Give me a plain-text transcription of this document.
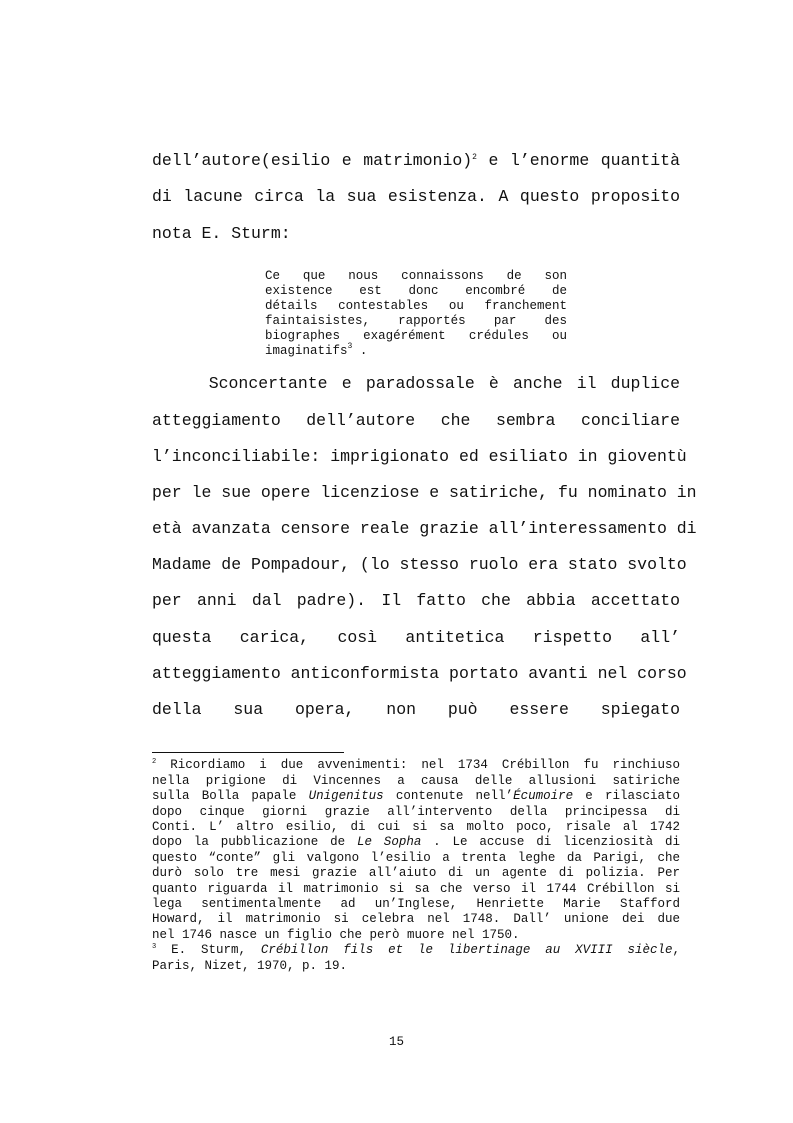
dell’autore(esilio e matrimonio)$^2$ e l’enorme quantità
di lacune circa la sua esistenza. A questo proposito
nota E. Sturm:
Ce que nous connaissons de son
existence est donc encombré de
détails contestables ou franchement
faintaisistes, rapportés par des
biographes exagérément crédules ou
imaginatifs$^3$ .
Sconcertante e paradossale è anche il duplice
atteggiamento dell’autore che sembra conciliare
l’inconciliabile: imprigionato ed esiliato in gioventù
per le sue opere licenziose e satiriche, fu nominato in
età avanzata censore reale grazie all’interessamento di
Madame de Pompadour, (lo stesso ruolo era stato svolto
per anni dal padre). Il fatto che abbia accettato
questa carica, così antitetica rispetto all’
atteggiamento anticonformista portato avanti nel corso
della sua opera, non può essere spiegato
$^2$ Ricordiamo i due avvenimenti: nel 1734 Crébillon fu rinchiuso
nella prigione di Vincennes a causa delle allusioni satiriche
sulla Bolla papale Unigenitus contenute nell’Écumoire e rilasciato
dopo cinque giorni grazie all’intervento della principessa di
Conti. L’ altro esilio, di cui si sa molto poco, risale al 1742
dopo la pubblicazione de Le Sopha . Le accuse di licenziosità di
questo “conte” gli valgono l’esilio a trenta leghe da Parigi, che
durò solo tre mesi grazie all’aiuto di un agente di polizia. Per
quanto riguarda il matrimonio si sa che verso il 1744 Crébillon si
lega sentimentalmente ad un’Inglese, Henriette Marie Stafford
Howard, il matrimonio si celebra nel 1748. Dall’ unione dei due
nel 1746 nasce un figlio che però muore nel 1750.
$^3$ E. Sturm, Crébillon fils et le libertinage au XVIII siècle,
Paris, Nizet, 1970, p. 19.
15
